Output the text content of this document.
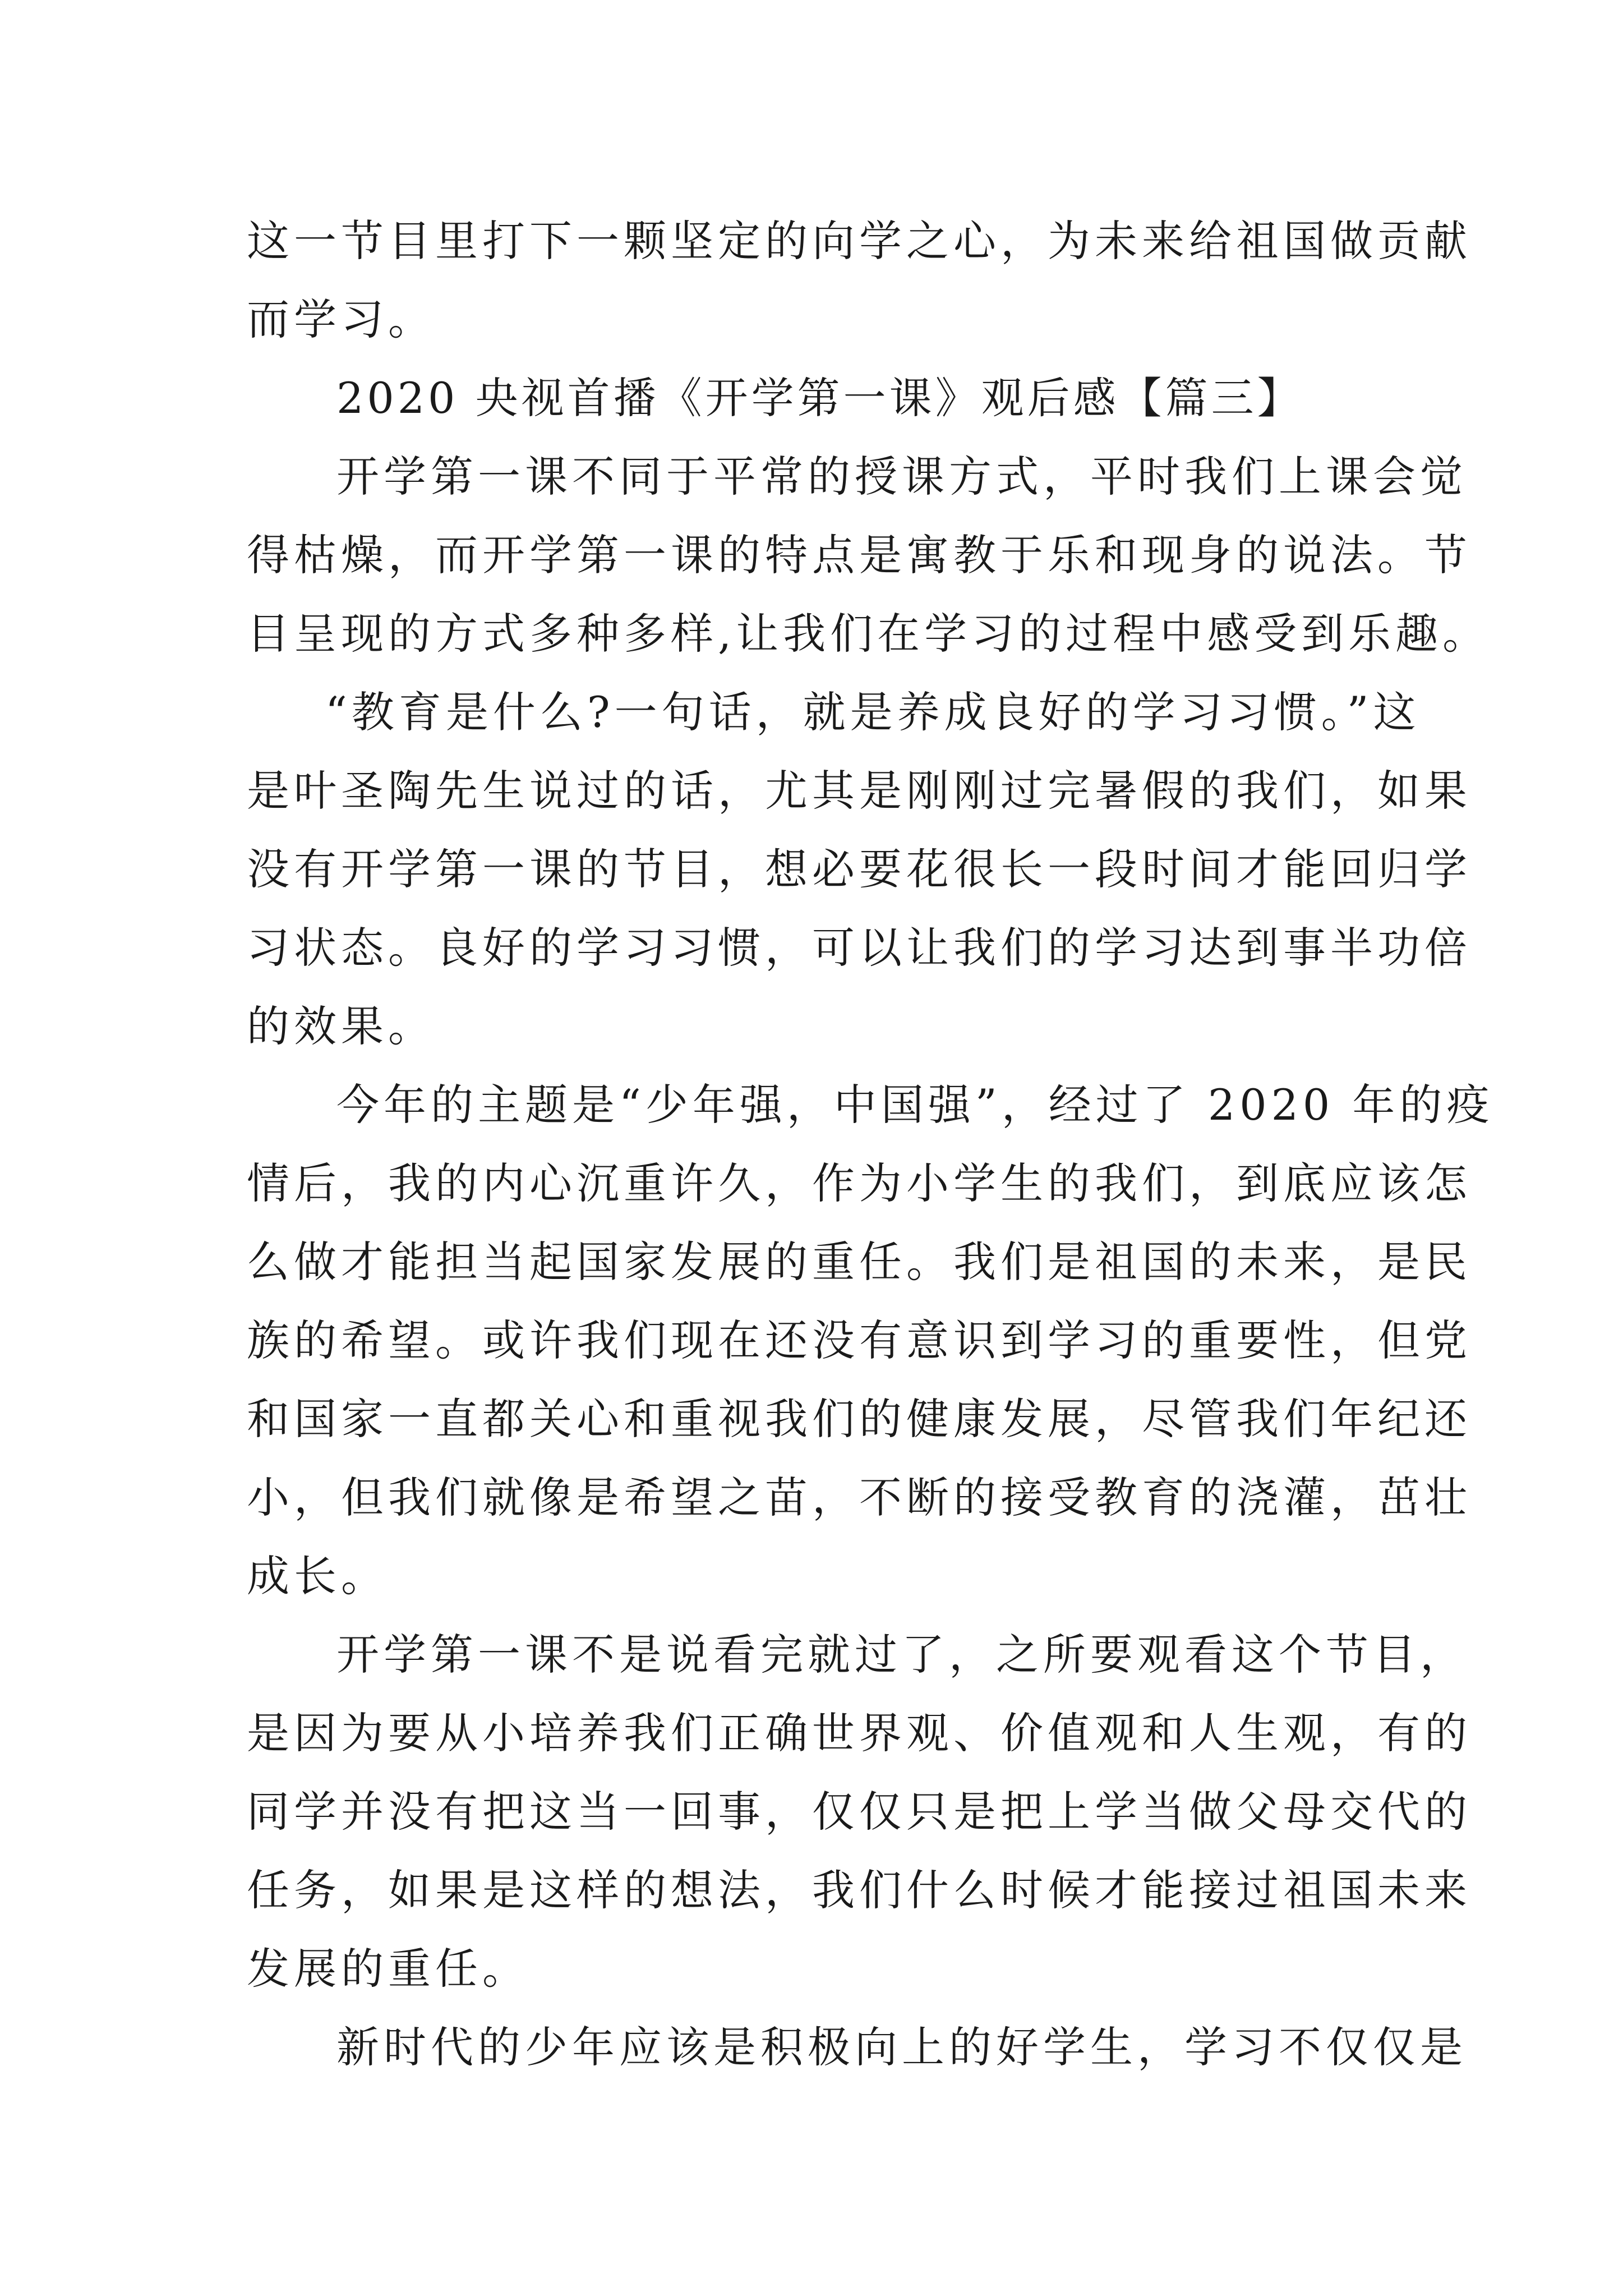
这一节目里打下一颗坚定的向学之心，为未来给祖国做贡献
而学习。
2020 央视首播《开学第一课》观后感【篇三】
开学第一课不同于平常的授课方式，平时我们上课会觉
得枯燥，而开学第一课的特点是寓教于乐和现身的说法。节
目呈现的方式多种多样,让我们在学习的过程中感受到乐趣。
“教育是什么?一句话，就是养成良好的学习习惯。”这
是叶圣陶先生说过的话，尤其是刚刚过完暑假的我们，如果
没有开学第一课的节目，想必要花很长一段时间才能回归学
习状态。良好的学习习惯，可以让我们的学习达到事半功倍
的效果。
今年的主题是“少年强，中国强”，经过了 2020 年的疫
情后，我的内心沉重许久，作为小学生的我们，到底应该怎
么做才能担当起国家发展的重任。我们是祖国的未来，是民
族的希望。或许我们现在还没有意识到学习的重要性，但党
和国家一直都关心和重视我们的健康发展，尽管我们年纪还
小，但我们就像是希望之苗，不断的接受教育的浇灌，茁壮
成长。
开学第一课不是说看完就过了，之所要观看这个节目，
是因为要从小培养我们正确世界观、价值观和人生观，有的
同学并没有把这当一回事，仅仅只是把上学当做父母交代的
任务，如果是这样的想法，我们什么时候才能接过祖国未来
发展的重任。
新时代的少年应该是积极向上的好学生，学习不仅仅是
